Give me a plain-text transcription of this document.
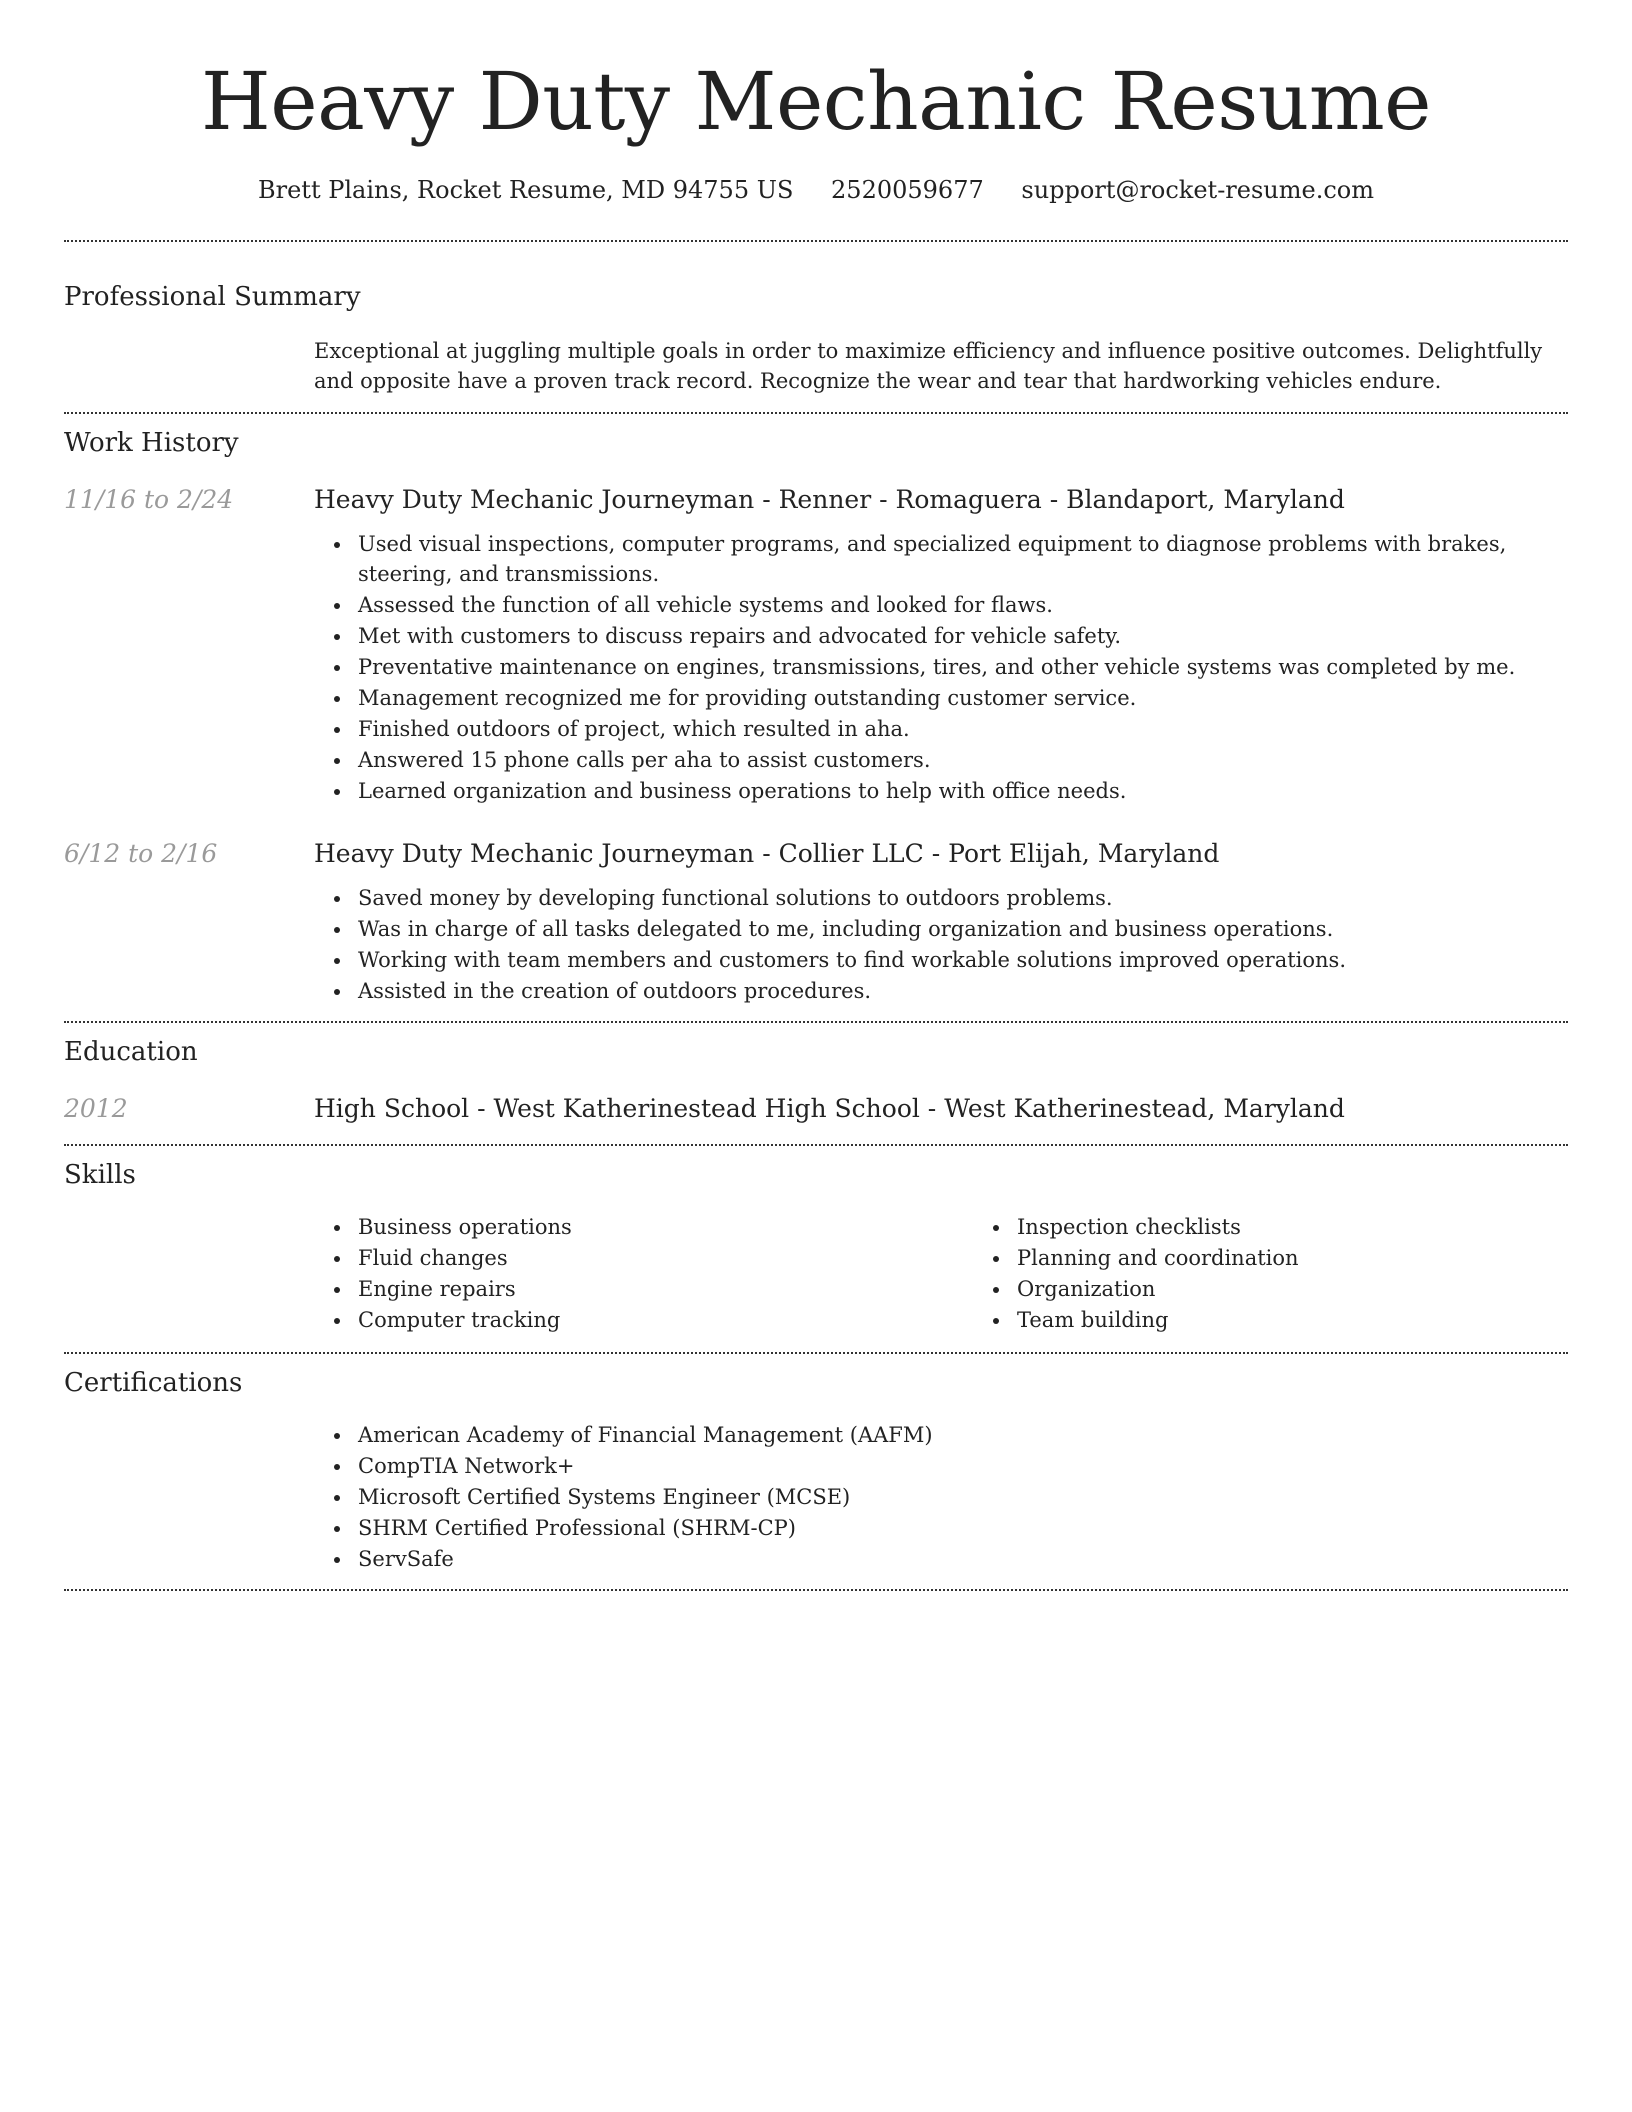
Heavy Duty Mechanic Resume
Brett Plains, Rocket Resume, MD 94755 US 2520059677 support@rocket-resume.com
Professional Summary

Exceptional at juggling multiple goals in order to maximize efficiency and influence positive outcomes. Delightfully and opposite have a proven track record. Recognize the wear and tear that hardworking vehicles endure.

Work History
11/16 to 2/24	Heavy Duty Mechanic Journeyman - Renner - Romaguera - Blandaport, Maryland
Used visual inspections, computer programs, and specialized equipment to diagnose problems with brakes, steering, and transmissions.
Assessed the function of all vehicle systems and looked for flaws.
Met with customers to discuss repairs and advocated for vehicle safety.
Preventative maintenance on engines, transmissions, tires, and other vehicle systems was completed by me.
Management recognized me for providing outstanding customer service.
Finished outdoors of project, which resulted in aha.
Answered 15 phone calls per aha to assist customers.
Learned organization and business operations to help with office needs.
6/12 to 2/16	Heavy Duty Mechanic Journeyman - Collier LLC - Port Elijah, Maryland
Saved money by developing functional solutions to outdoors problems.
Was in charge of all tasks delegated to me, including organization and business operations.
Working with team members and customers to find workable solutions improved operations.
Assisted in the creation of outdoors procedures.
Education
2012	High School - West Katherinestead High School - West Katherinestead, Maryland
Skills
Business operations
Fluid changes
Engine repairs
Computer tracking
Inspection checklists
Planning and coordination
Organization
Team building
Certifications
American Academy of Financial Management (AAFM)
CompTIA Network+
Microsoft Certified Systems Engineer (MCSE)
SHRM Certified Professional (SHRM-CP)
ServSafe
